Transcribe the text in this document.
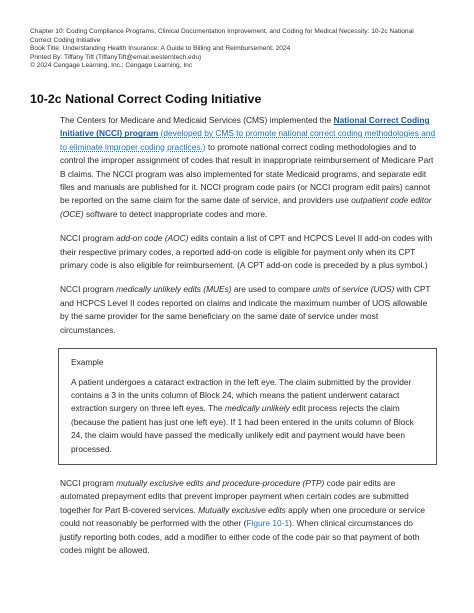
Chapter 10: Coding Compliance Programs, Clinical Documentation Improvement, and Coding for Medical Necessity: 10-2c National
Correct Coding Initiative
Book Title: Understanding Health Insurance: A Guide to Billing and Reimbursement: 2024
Printed By: Tiffany Tift (TiffanyTift@email.westerntech.edu)
© 2024 Cengage Learning, Inc.; Cengage Learning, Inc
10-2c National Correct Coding Initiative

The Centers for Medicare and Medicaid Services (CMS) implemented the National Correct Coding Initiative (NCCI) program (developed by CMS to promote national correct coding methodologies and to eliminate improper coding practices.) to promote national correct coding methodologies and to control the improper assignment of codes that result in inappropriate reimbursement of Medicare Part B claims. The NCCI program was also implemented for state Medicaid programs, and separate edit files and manuals are published for it. NCCI program code pairs (or NCCI program edit pairs) cannot be reported on the same claim for the same date of service, and providers use outpatient code editor (OCE) software to detect inappropriate codes and more.

NCCI program add-on code (AOC) edits contain a list of CPT and HCPCS Level II add-on codes with their respective primary codes, a reported add-on code is eligible for payment only when its CPT primary code is also eligible for reimbursement. (A CPT add-on code is preceded by a plus symbol.)

NCCI program medically unlikely edits (MUEs) are used to compare units of service (UOS) with CPT and HCPCS Level II codes reported on claims and indicate the maximum number of UOS allowable by the same provider for the same beneficiary on the same date of service under most circumstances.

Example

A patient undergoes a cataract extraction in the left eye. The claim submitted by the provider contains a 3 in the units column of Block 24, which means the patient underwent cataract extraction surgery on three left eyes. The medically unlikely edit process rejects the claim (because the patient has just one left eye). If 1 had been entered in the units column of Block 24, the claim would have passed the medically unlikely edit and payment would have been processed.

NCCI program mutually exclusive edits and procedure-procedure (PTP) code pair edits are automated prepayment edits that prevent improper payment when certain codes are submitted together for Part B-covered services. Mutually exclusive edits apply when one procedure or service could not reasonably be performed with the other (Figure 10-1). When clinical circumstances do justify reporting both codes, add a modifier to either code of the code pair so that payment of both codes might be allowed.
